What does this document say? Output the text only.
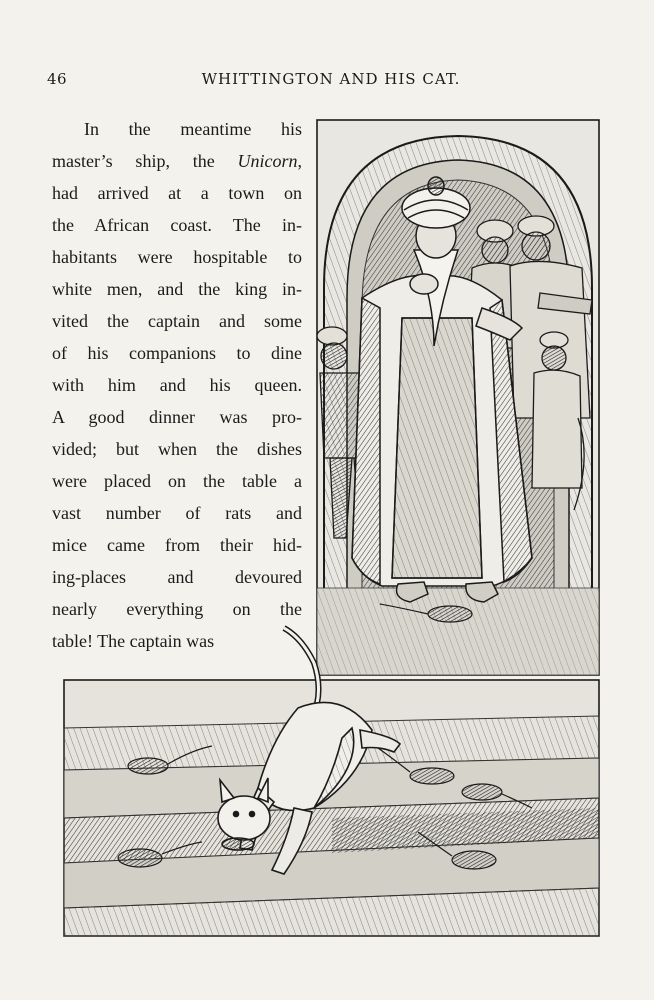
46	WHITTINGTON AND HIS CAT.
In the meantime his
master’s ship, the Unicorn,
had arrived at a town on
the African coast. The in-
habitants were hospitable to
white men, and the king in-
vited the captain and some
of his companions to dine
with him and his queen.
A good dinner was pro-
vided; but when the dishes
were placed on the table a
vast number of rats and
mice came from their hid-
ing-places and devoured
nearly everything on the
table! The captain was
